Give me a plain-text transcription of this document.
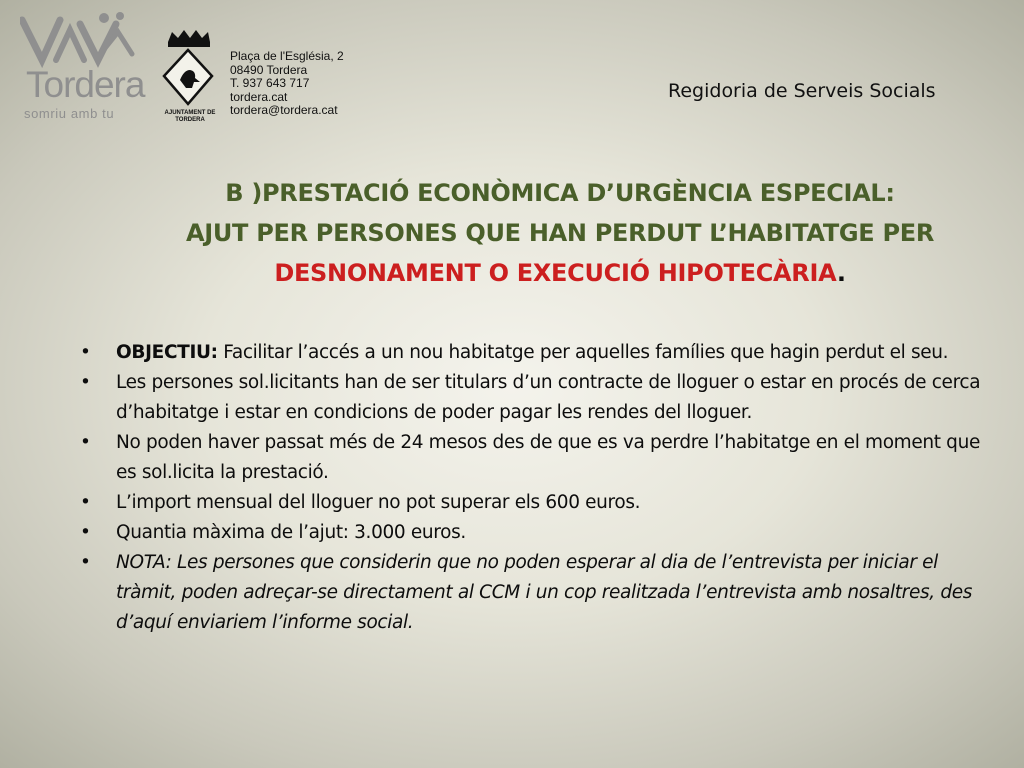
Tordera
somriu amb tu	AJUNTAMENT DE TORDERA
Plaça de l'Església, 2
08490 Tordera
T. 937 643 717
tordera.cat
tordera@tordera.cat
Regidoria de Serveis Socials
B )PRESTACIÓ ECONÒMICA D’URGÈNCIA ESPECIAL:
AJUT PER PERSONES QUE HAN PERDUT L’HABITATGE PER
DESNONAMENT O EXECUCIÓ HIPOTECÀRIA.
•	OBJECTIU: Facilitar l’accés a un nou habitatge per aquelles famílies que hagin perdut el seu.
•	Les persones sol.licitants han de ser titulars d’un contracte de lloguer o estar en procés de cerca d’habitatge i estar en condicions de poder pagar les rendes del lloguer.
•	No poden haver passat més de 24 mesos des de que es va perdre l’habitatge en el moment que es sol.licita la prestació.
•	L’import mensual del lloguer no pot superar els 600 euros.
•	Quantia màxima de l’ajut: 3.000 euros.
•	NOTA: Les persones que considerin que no poden esperar al dia de l’entrevista per iniciar el tràmit, poden adreçar-se directament al CCM i un cop realitzada l’entrevista amb nosaltres, des d’aquí enviariem l’informe social.
